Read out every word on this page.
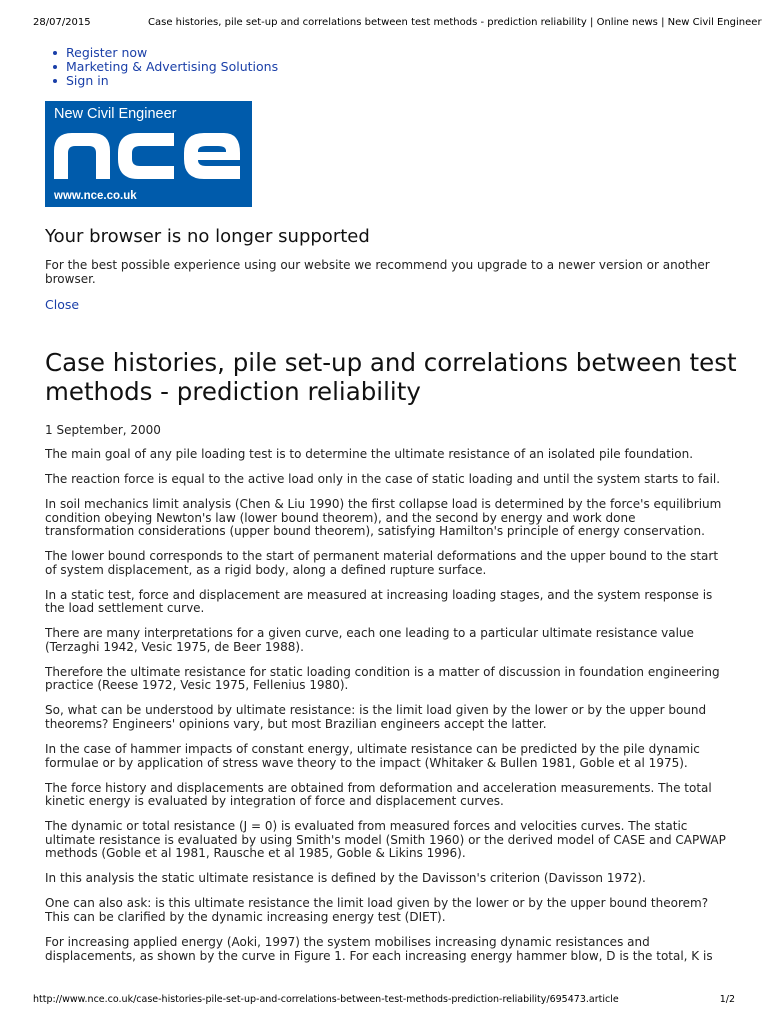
28/07/2015	Case histories, pile set-up and correlations between test methods - prediction reliability | Online news | New Civil Engineer
Register now
Marketing & Advertising Solutions
Sign in
New Civil Engineer
www.nce.co.uk
Your browser is no longer supported

For the best possible experience using our website we recommend you upgrade to a newer version or another browser.

Close
Case histories, pile set-up and correlations between test methods - prediction reliability
1 September, 2000

The main goal of any pile loading test is to determine the ultimate resistance of an isolated pile foundation.

The reaction force is equal to the active load only in the case of static loading and until the system starts to fail.

In soil mechanics limit analysis (Chen & Liu 1990) the first collapse load is determined by the force's equilibrium condition obeying Newton's law (lower bound theorem), and the second by energy and work done transformation considerations (upper bound theorem), satisfying Hamilton's principle of energy conservation.

The lower bound corresponds to the start of permanent material deformations and the upper bound to the start of system displacement, as a rigid body, along a defined rupture surface.

In a static test, force and displacement are measured at increasing loading stages, and the system response is the load settlement curve.

There are many interpretations for a given curve, each one leading to a particular ultimate resistance value (Terzaghi 1942, Vesic 1975, de Beer 1988).

Therefore the ultimate resistance for static loading condition is a matter of discussion in foundation engineering practice (Reese 1972, Vesic 1975, Fellenius 1980).

So, what can be understood by ultimate resistance: is the limit load given by the lower or by the upper bound theorems? Engineers' opinions vary, but most Brazilian engineers accept the latter.

In the case of hammer impacts of constant energy, ultimate resistance can be predicted by the pile dynamic formulae or by application of stress wave theory to the impact (Whitaker & Bullen 1981, Goble et al 1975).

The force history and displacements are obtained from deformation and acceleration measurements. The total kinetic energy is evaluated by integration of force and displacement curves.

The dynamic or total resistance (J = 0) is evaluated from measured forces and velocities curves. The static ultimate resistance is evaluated by using Smith's model (Smith 1960) or the derived model of CASE and CAPWAP methods (Goble et al 1981, Rausche et al 1985, Goble & Likins 1996).

In this analysis the static ultimate resistance is defined by the Davisson's criterion (Davisson 1972).

One can also ask: is this ultimate resistance the limit load given by the lower or by the upper bound theorem? This can be clarified by the dynamic increasing energy test (DIET).

For increasing applied energy (Aoki, 1997) the system mobilises increasing dynamic resistances and displacements, as shown by the curve in Figure 1. For each increasing energy hammer blow, D is the total, K is

http://www.nce.co.uk/case-histories-pile-set-up-and-correlations-between-test-methods-prediction-reliability/695473.article	1/2
